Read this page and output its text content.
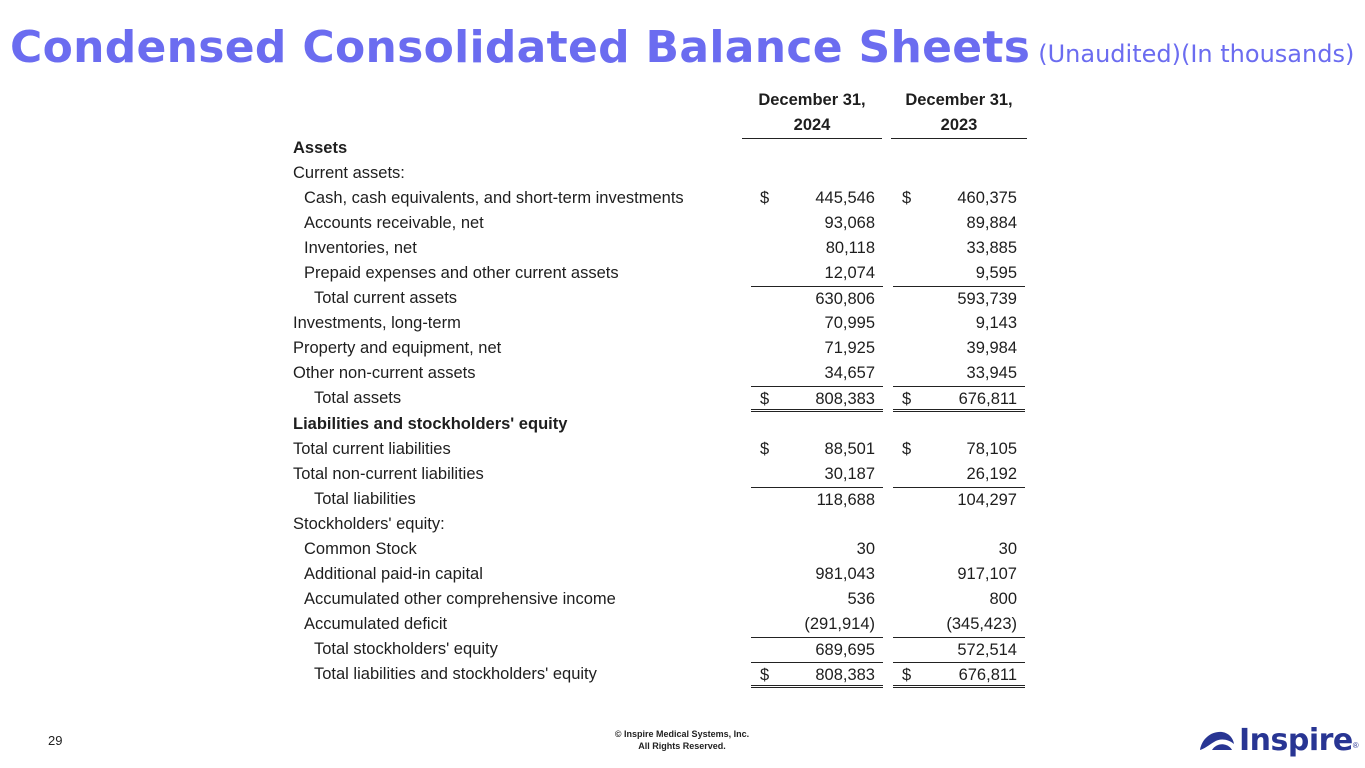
Condensed Consolidated Balance Sheets (Unaudited)(In thousands)
December 31,
2024
December 31,
2023
Assets
Current assets:
Cash, cash equivalents, and short-term investments	$	445,546 $	460,375
Accounts receivable, net	93,068	89,884
Inventories, net	80,118	33,885
Prepaid expenses and other current assets	12,074	9,595
Total current assets	630,806	593,739
Investments, long-term	70,995	9,143
Property and equipment, net	71,925	39,984
Other non-current assets	34,657	33,945
Total assets	$	808,383 $	676,811
Liabilities and stockholders' equity
Total current liabilities	$	88,501 $	78,105
Total non-current liabilities	30,187	26,192
Total liabilities	118,688	104,297
Stockholders' equity:
Common Stock	30	30
Additional paid-in capital	981,043	917,107
Accumulated other comprehensive income	536	800
Accumulated deficit	(291,914)	(345,423)
Total stockholders' equity	689,695	572,514
Total liabilities and stockholders' equity	$	808,383 $	676,811
29	© Inspire Medical Systems, Inc.
All Rights Reserved.	Inspire ®
